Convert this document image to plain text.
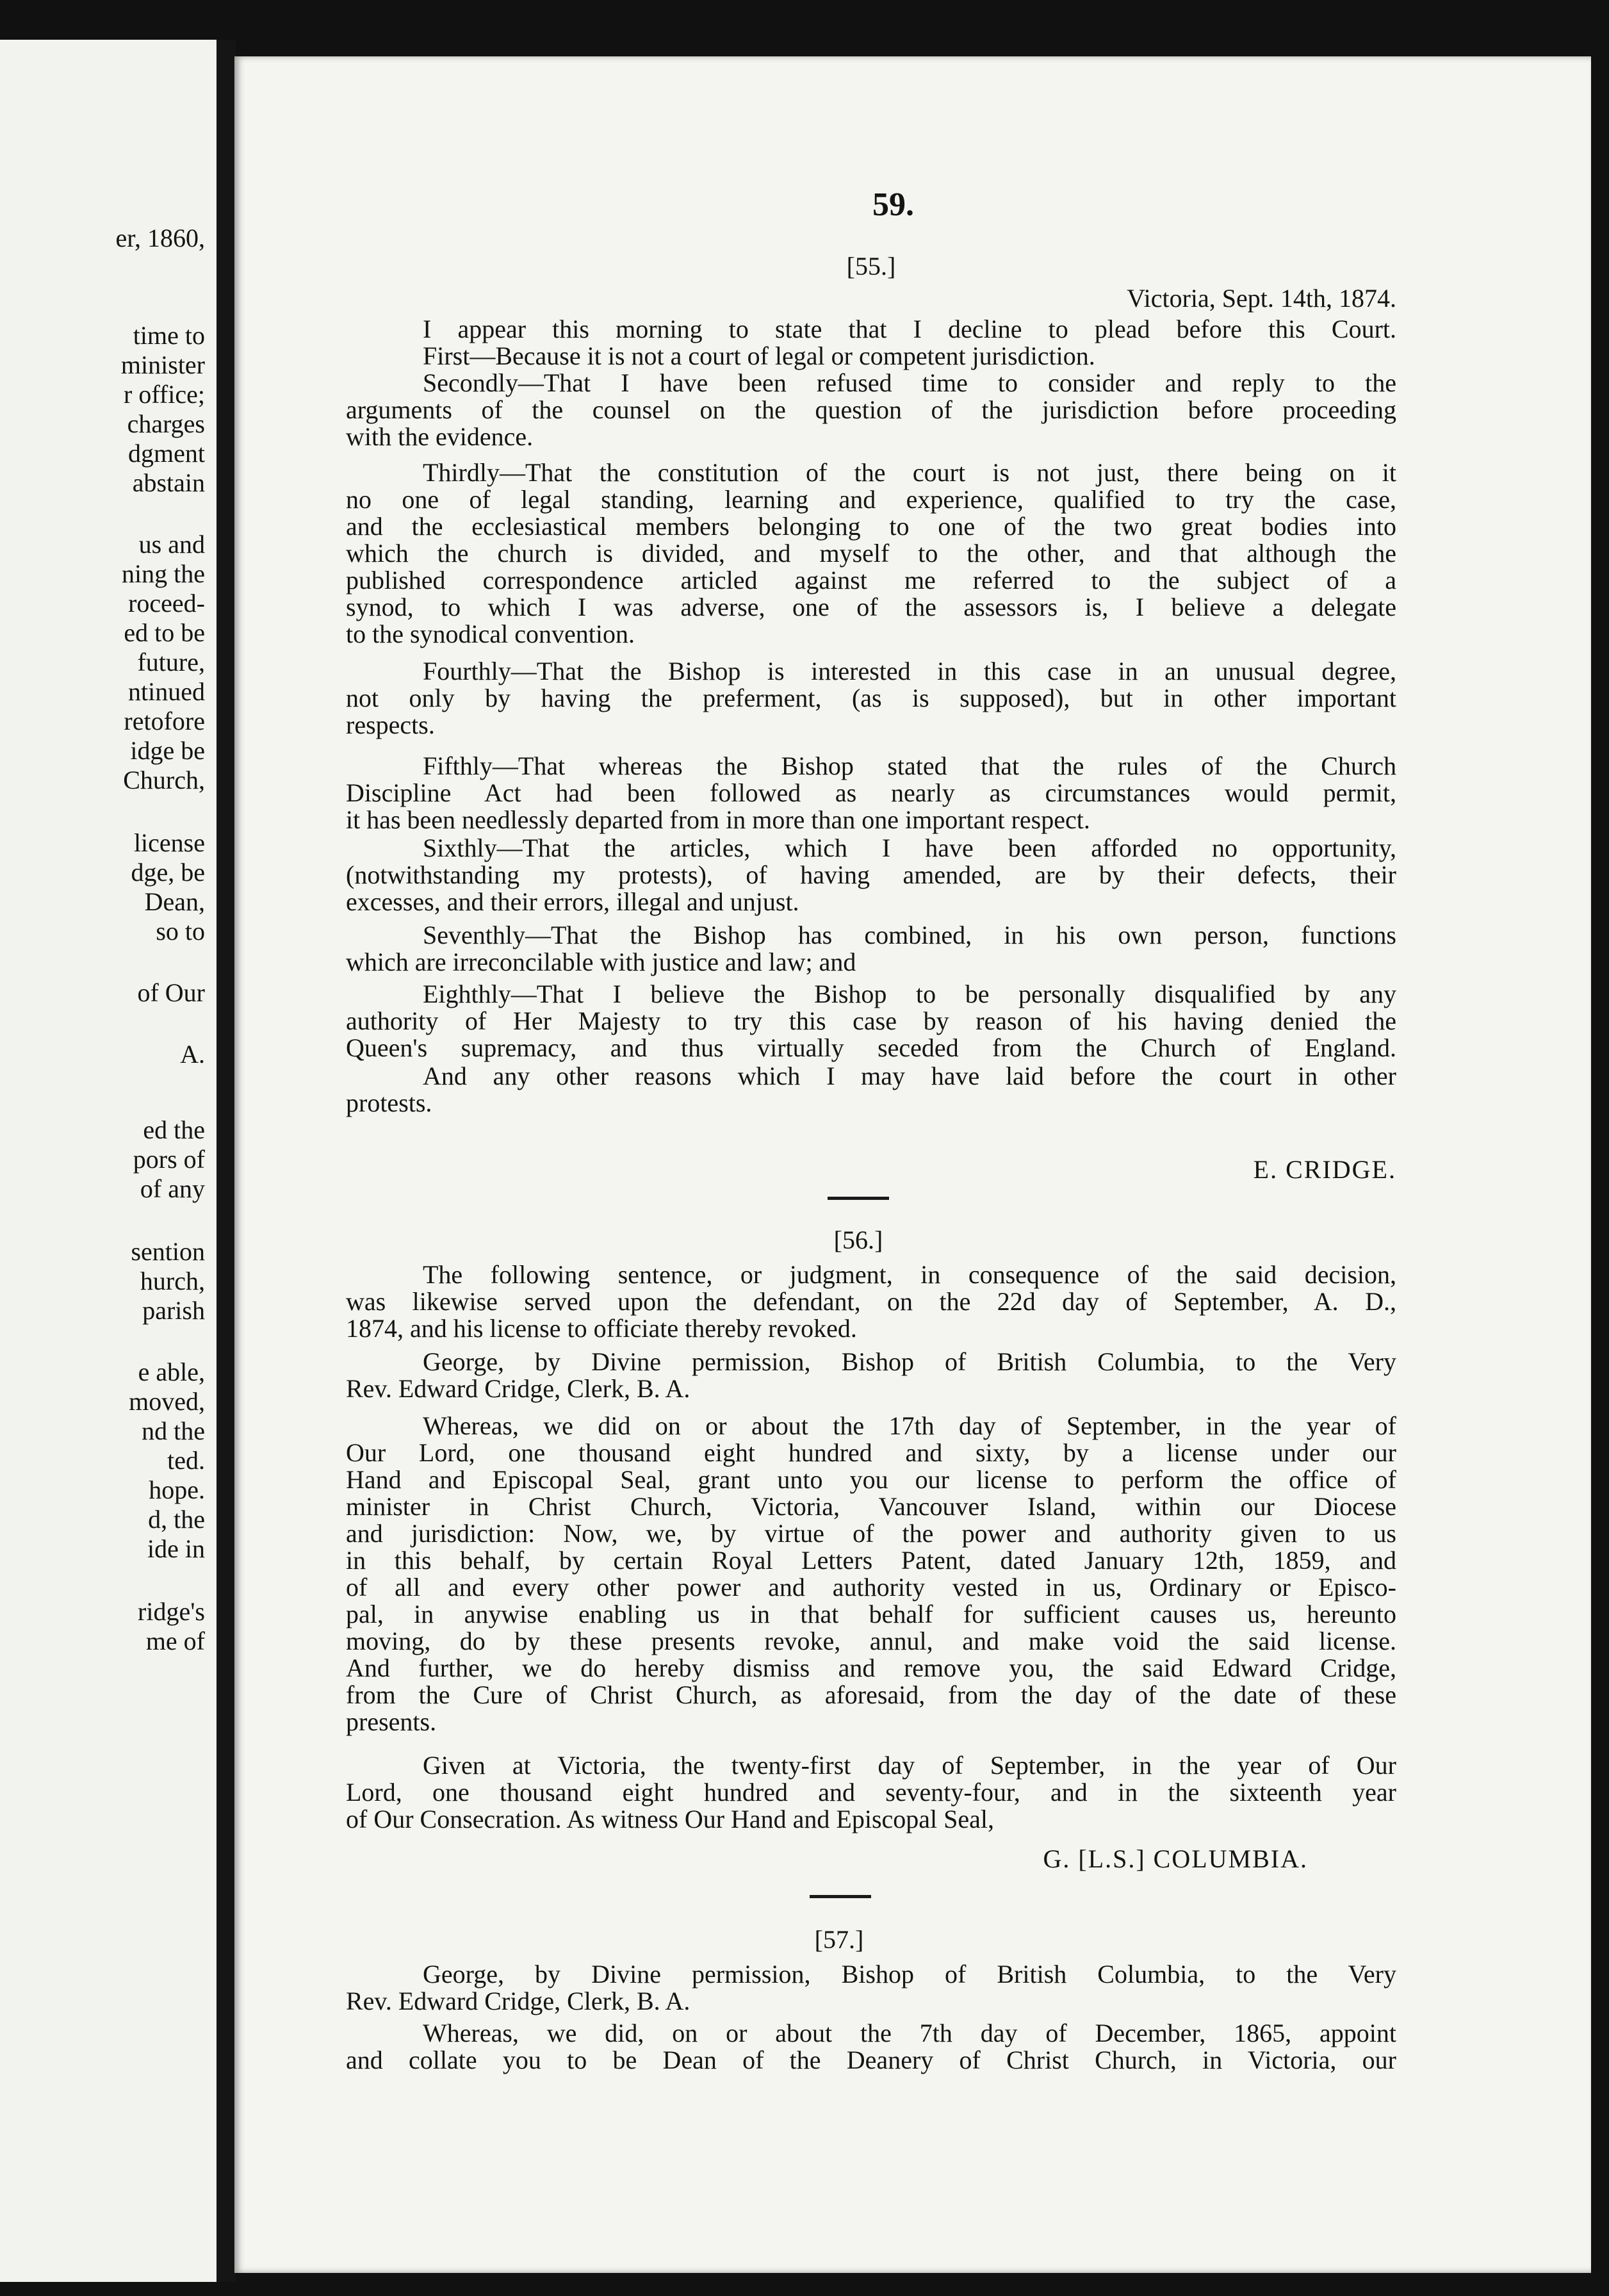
er, 1860,
time to
minister
r office;
charges
dgment
abstain
us and
ning the
roceed-
ed to be
future,
ntinued
retofore
idge be
Church,
license
dge, be
Dean,
so to
of Our
A.
ed the
pors of
of any
sention
hurch,
parish
e able,
moved,
nd the
ted.
hope.
d, the
ide in
ridge's
me of
59.
[55.]
Victoria, Sept. 14th, 1874.
I appear this morning to state that I decline to plead before this Court.
First—Because it is not a court of legal or competent jurisdiction.
Secondly—That I have been refused time to consider and reply to the
arguments of the counsel on the question of the jurisdiction before proceeding
with the evidence.
Thirdly—That the constitution of the court is not just, there being on it
no one of legal standing, learning and experience, qualified to try the case,
and the ecclesiastical members belonging to one of the two great bodies into
which the church is divided, and myself to the other, and that although the
published correspondence articled against me referred to the subject of a
synod, to which I was adverse, one of the assessors is, I believe a delegate
to the synodical convention.
Fourthly—That the Bishop is interested in this case in an unusual degree,
not only by having the preferment, (as is supposed), but in other important
respects.
Fifthly—That whereas the Bishop stated that the rules of the Church
Discipline Act had been followed as nearly as circumstances would permit,
it has been needlessly departed from in more than one important respect.
Sixthly—That the articles, which I have been afforded no opportunity,
(notwithstanding my protests), of having amended, are by their defects, their
excesses, and their errors, illegal and unjust.
Seventhly—That the Bishop has combined, in his own person, functions
which are irreconcilable with justice and law; and
Eighthly—That I believe the Bishop to be personally disqualified by any
authority of Her Majesty to try this case by reason of his having denied the
Queen's supremacy, and thus virtually seceded from the Church of England.
And any other reasons which I may have laid before the court in other
protests.
E. CRIDGE.
[56.]
The following sentence, or judgment, in consequence of the said decision,
was likewise served upon the defendant, on the 22d day of September, A. D.,
1874, and his license to officiate thereby revoked.
George, by Divine permission, Bishop of British Columbia, to the Very
Rev. Edward Cridge, Clerk, B. A.
Whereas, we did on or about the 17th day of September, in the year of
Our Lord, one thousand eight hundred and sixty, by a license under our
Hand and Episcopal Seal, grant unto you our license to perform the office of
minister in Christ Church, Victoria, Vancouver Island, within our Diocese
and jurisdiction: Now, we, by virtue of the power and authority given to us
in this behalf, by certain Royal Letters Patent, dated January 12th, 1859, and
of all and every other power and authority vested in us, Ordinary or Episco-
pal, in anywise enabling us in that behalf for sufficient causes us, hereunto
moving, do by these presents revoke, annul, and make void the said license.
And further, we do hereby dismiss and remove you, the said Edward Cridge,
from the Cure of Christ Church, as aforesaid, from the day of the date of these
presents.
Given at Victoria, the twenty-first day of September, in the year of Our
Lord, one thousand eight hundred and seventy-four, and in the sixteenth year
of Our Consecration. As witness Our Hand and Episcopal Seal,
G. [L.S.] COLUMBIA.
[57.]
George, by Divine permission, Bishop of British Columbia, to the Very
Rev. Edward Cridge, Clerk, B. A.
Whereas, we did, on or about the 7th day of December, 1865, appoint
and collate you to be Dean of the Deanery of Christ Church, in Victoria, our
